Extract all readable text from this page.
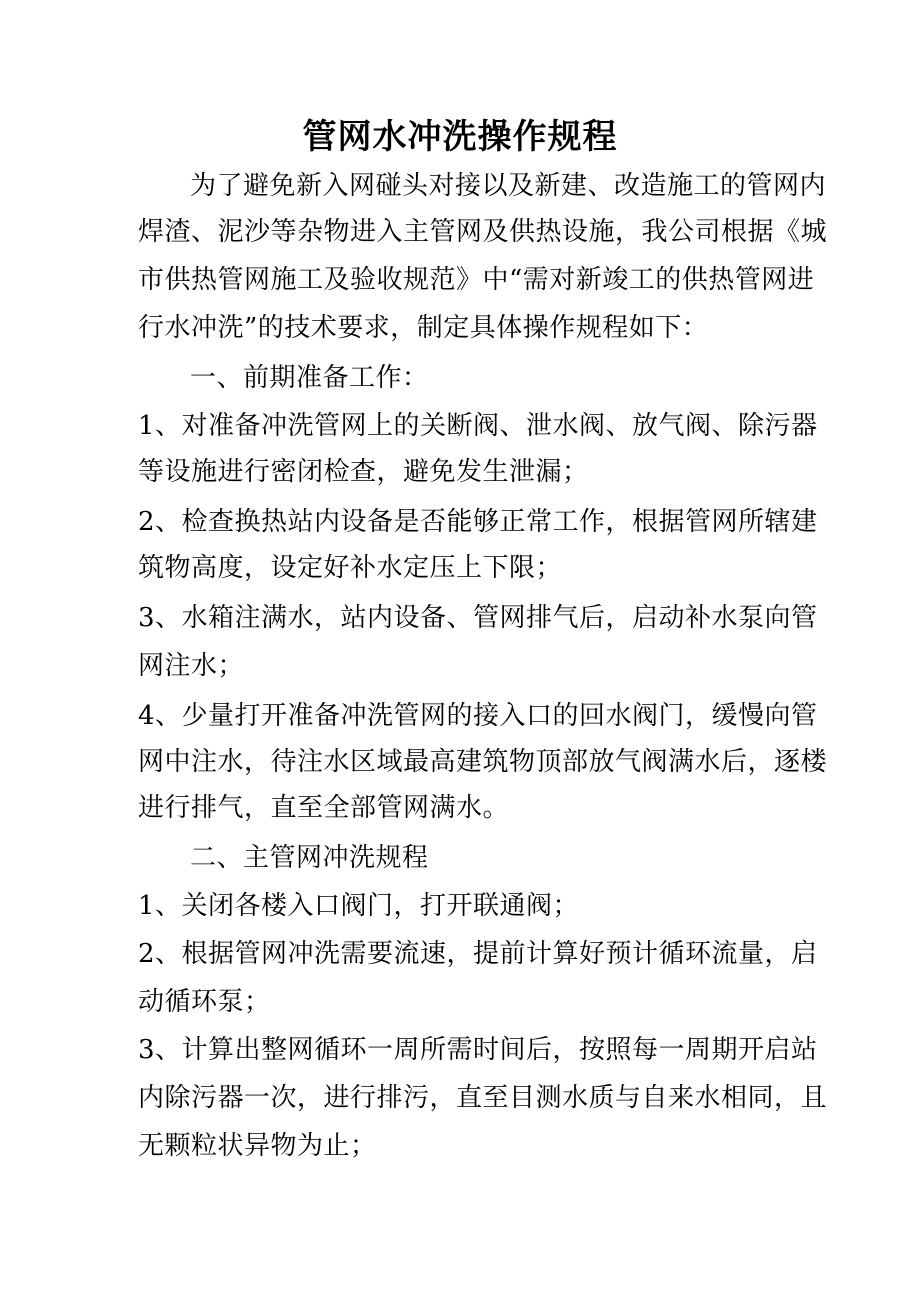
管网水冲洗操作规程
为了避免新入网碰头对接以及新建、改造施工的管网内
焊渣、泥沙等杂物进入主管网及供热设施，我公司根据《城
市供热管网施工及验收规范》中“需对新竣工的供热管网进
行水冲洗”的技术要求，制定具体操作规程如下：
一、前期准备工作：
1、对准备冲洗管网上的关断阀、泄水阀、放气阀、除污器
等设施进行密闭检查，避免发生泄漏；
2、检查换热站内设备是否能够正常工作，根据管网所辖建
筑物高度，设定好补水定压上下限；
3、水箱注满水，站内设备、管网排气后，启动补水泵向管
网注水；
4、少量打开准备冲洗管网的接入口的回水阀门，缓慢向管
网中注水，待注水区域最高建筑物顶部放气阀满水后，逐楼
进行排气，直至全部管网满水。
二、主管网冲洗规程
1、关闭各楼入口阀门，打开联通阀；
2、根据管网冲洗需要流速，提前计算好预计循环流量，启
动循环泵；
3、计算出整网循环一周所需时间后，按照每一周期开启站
内除污器一次，进行排污，直至目测水质与自来水相同，且
无颗粒状异物为止；
